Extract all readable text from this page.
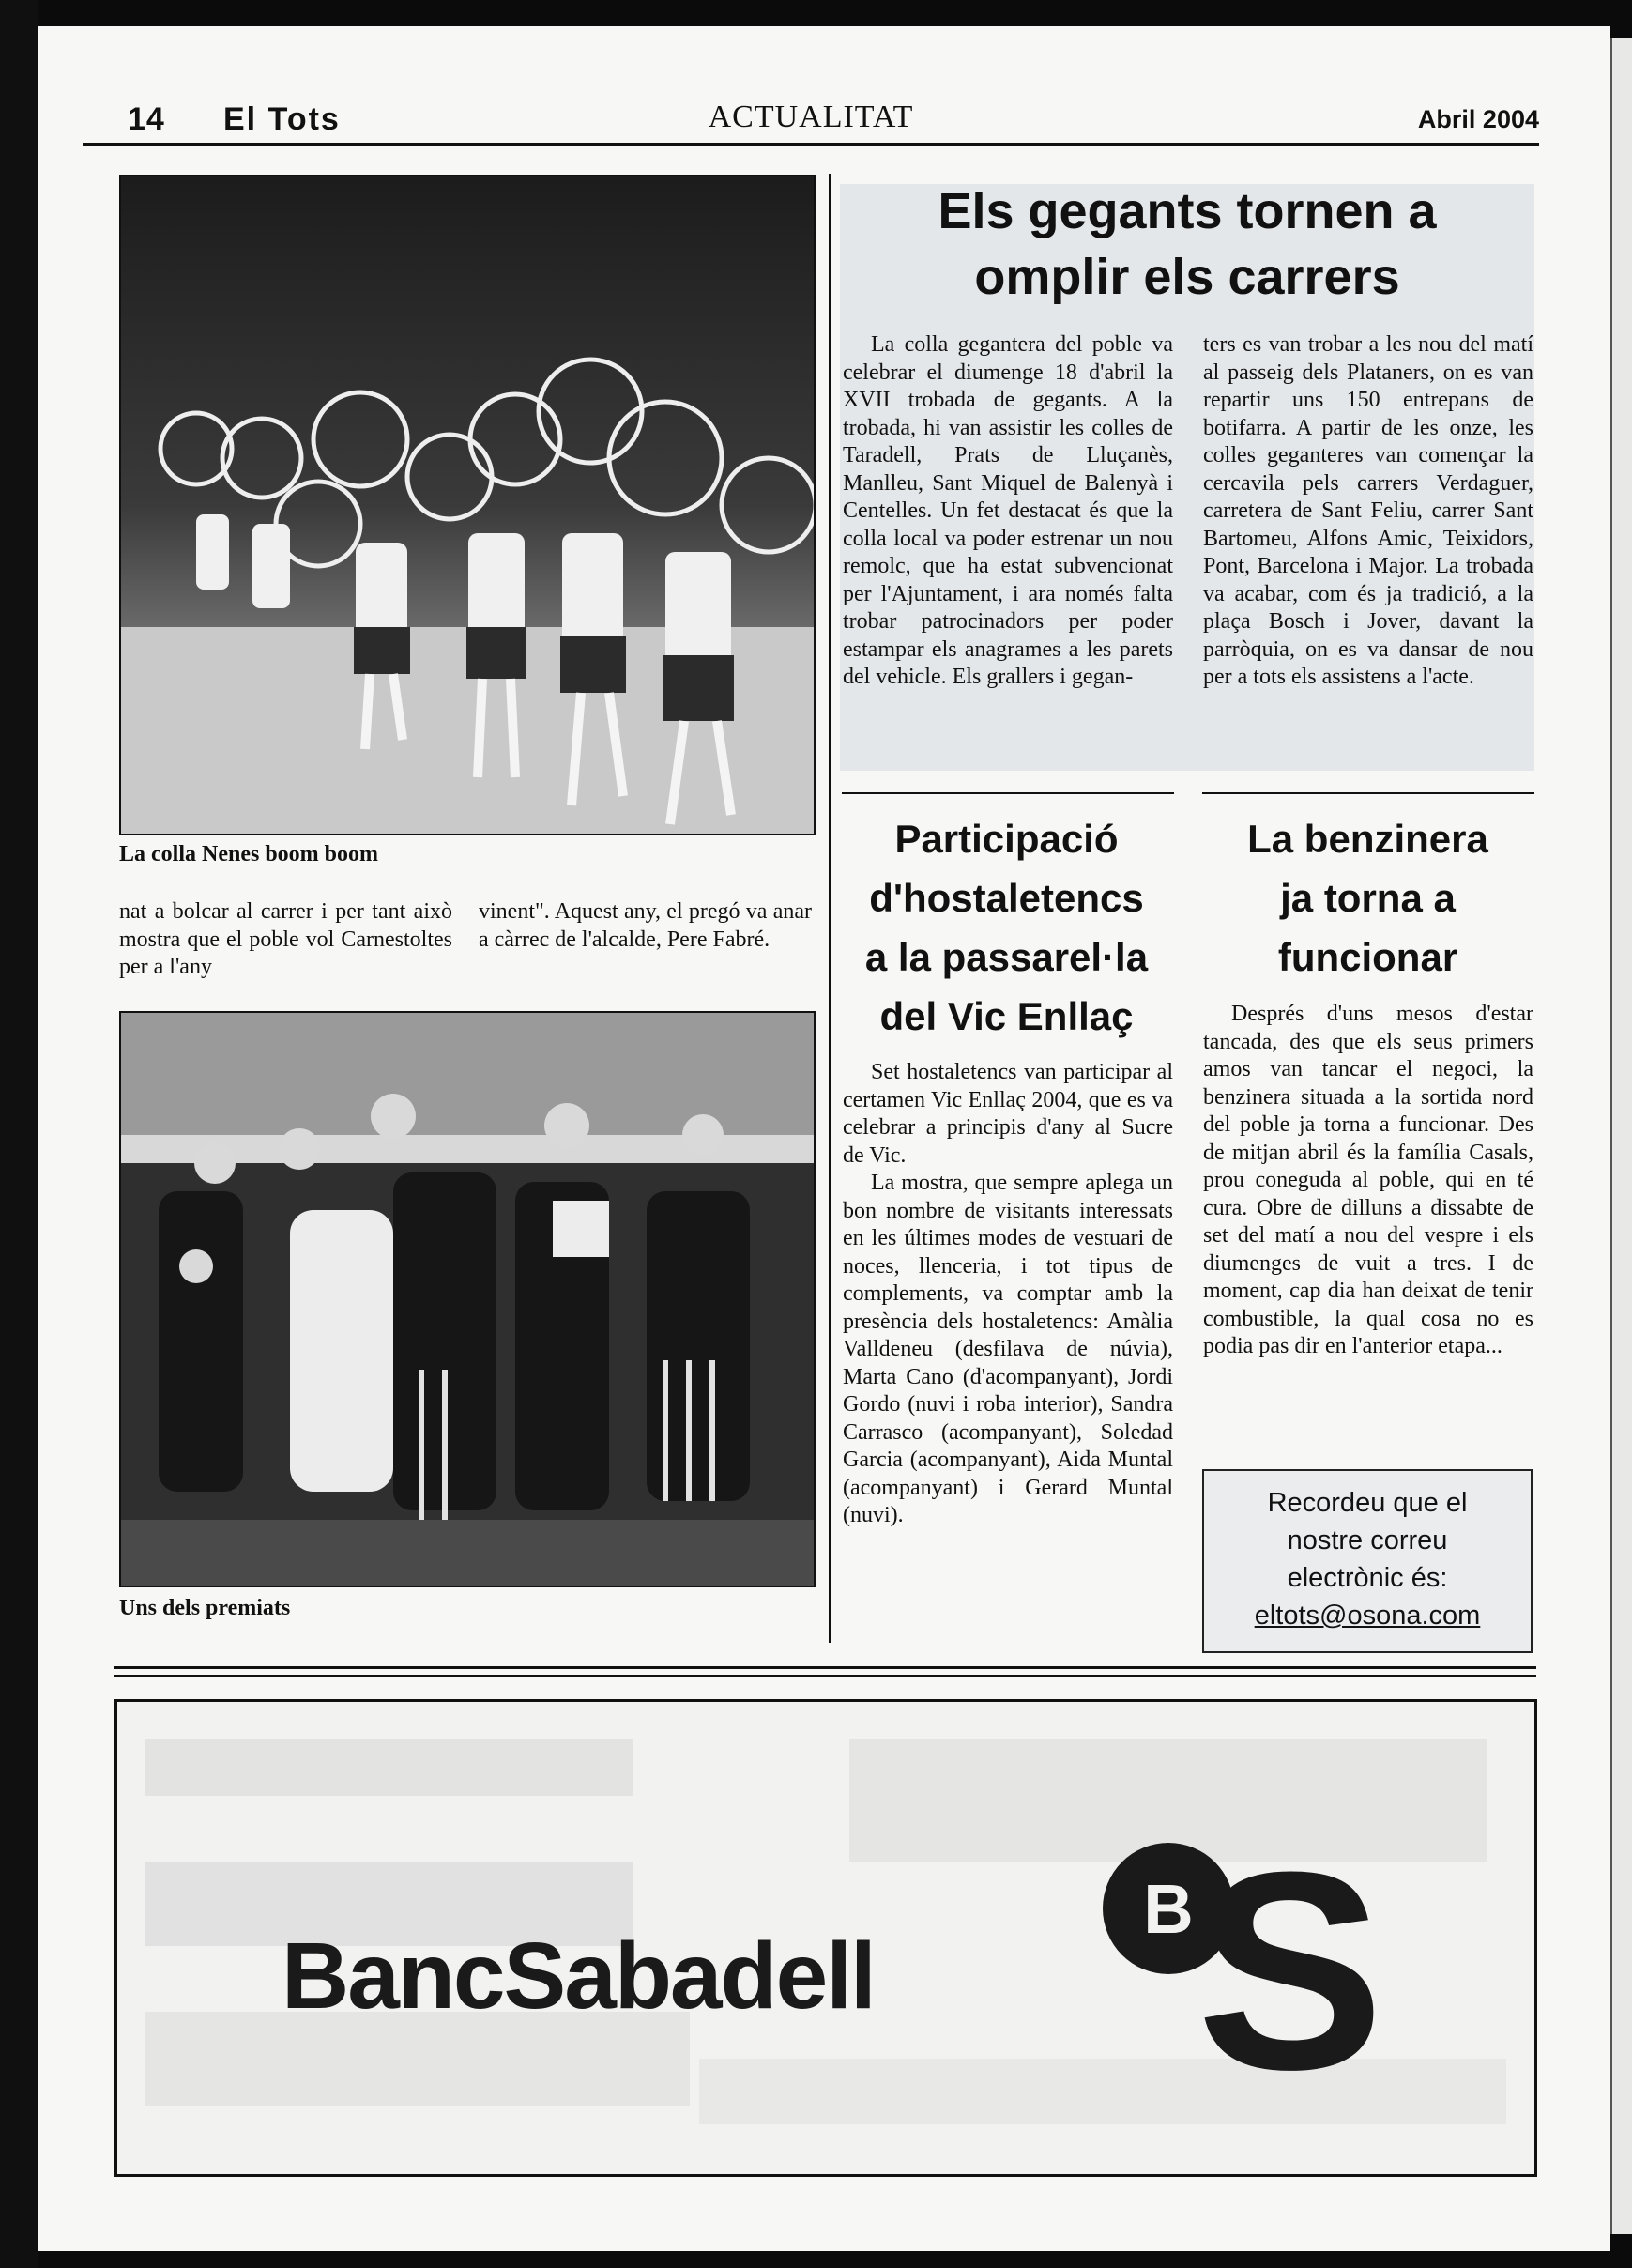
14 El Tots	ACTUALITAT	Abril 2004
La colla Nenes boom boom

nat a bolcar al carrer i per tant això mostra que el poble vol Carnestoltes per a l'any

vinent". Aquest any, el pregó va anar a càrrec de l'alcalde, Pere Fabré.

Uns dels premiats
Els gegants tornen a
omplir els carrers

La colla gegantera del poble va celebrar el diumenge 18 d'abril la XVII trobada de gegants. A la trobada, hi van assistir les colles de Taradell, Prats de Lluçanès, Manlleu, Sant Miquel de Balenyà i Centelles. Un fet destacat és que la colla local va poder estrenar un nou remolc, que ha estat subvencionat per l'Ajuntament, i ara només falta trobar patrocinadors per poder estampar els anagrames a les parets del vehicle. Els grallers i gegan-

ters es van trobar a les nou del matí al passeig dels Plataners, on es van repartir uns 150 entrepans de botifarra. A partir de les onze, les colles geganteres van començar la cercavila pels carrers Verdaguer, carretera de Sant Feliu, carrer Sant Bartomeu, Alfons Amic, Teixidors, Pont, Barcelona i Major. La trobada va acabar, com és ja tradició, a la plaça Bosch i Jover, davant la parròquia, on es va dansar de nou per a tots els assistens a l'acte.

Participació
d'hostaletencs
a la passarel·la
del Vic Enllaç

Set hostaletencs van participar al certamen Vic Enllaç 2004, que es va celebrar a principis d'any al Sucre de Vic.

La mostra, que sempre aplega un bon nombre de visitants interessats en les últimes modes de vestuari de noces, llenceria, i tot tipus de complements, va comptar amb la presència dels hostaletencs: Amàlia Valldeneu (desfilava de núvia), Marta Cano (d'acompanyant), Jordi Gordo (nuvi i roba interior), Sandra Carrasco (acompanyant), Soledad Garcia (acompanyant), Aida Muntal (acompanyant) i Gerard Muntal (nuvi).

La benzinera
ja torna a
funcionar

Després d'uns mesos d'estar tancada, des que els seus primers amos van tancar el negoci, la benzinera situada a la sortida nord del poble ja torna a funcionar. Des de mitjan abril és la família Casals, prou coneguda al poble, qui en té cura. Obre de dilluns a dissabte de set del matí a nou del vespre i els diumenges de vuit a tres. I de moment, cap dia han deixat de tenir combustible, la qual cosa no es podia pas dir en l'anterior etapa...

Recordeu que el
nostre correu
electrònic és:
eltots@osona.com
BancSabadell
B S
